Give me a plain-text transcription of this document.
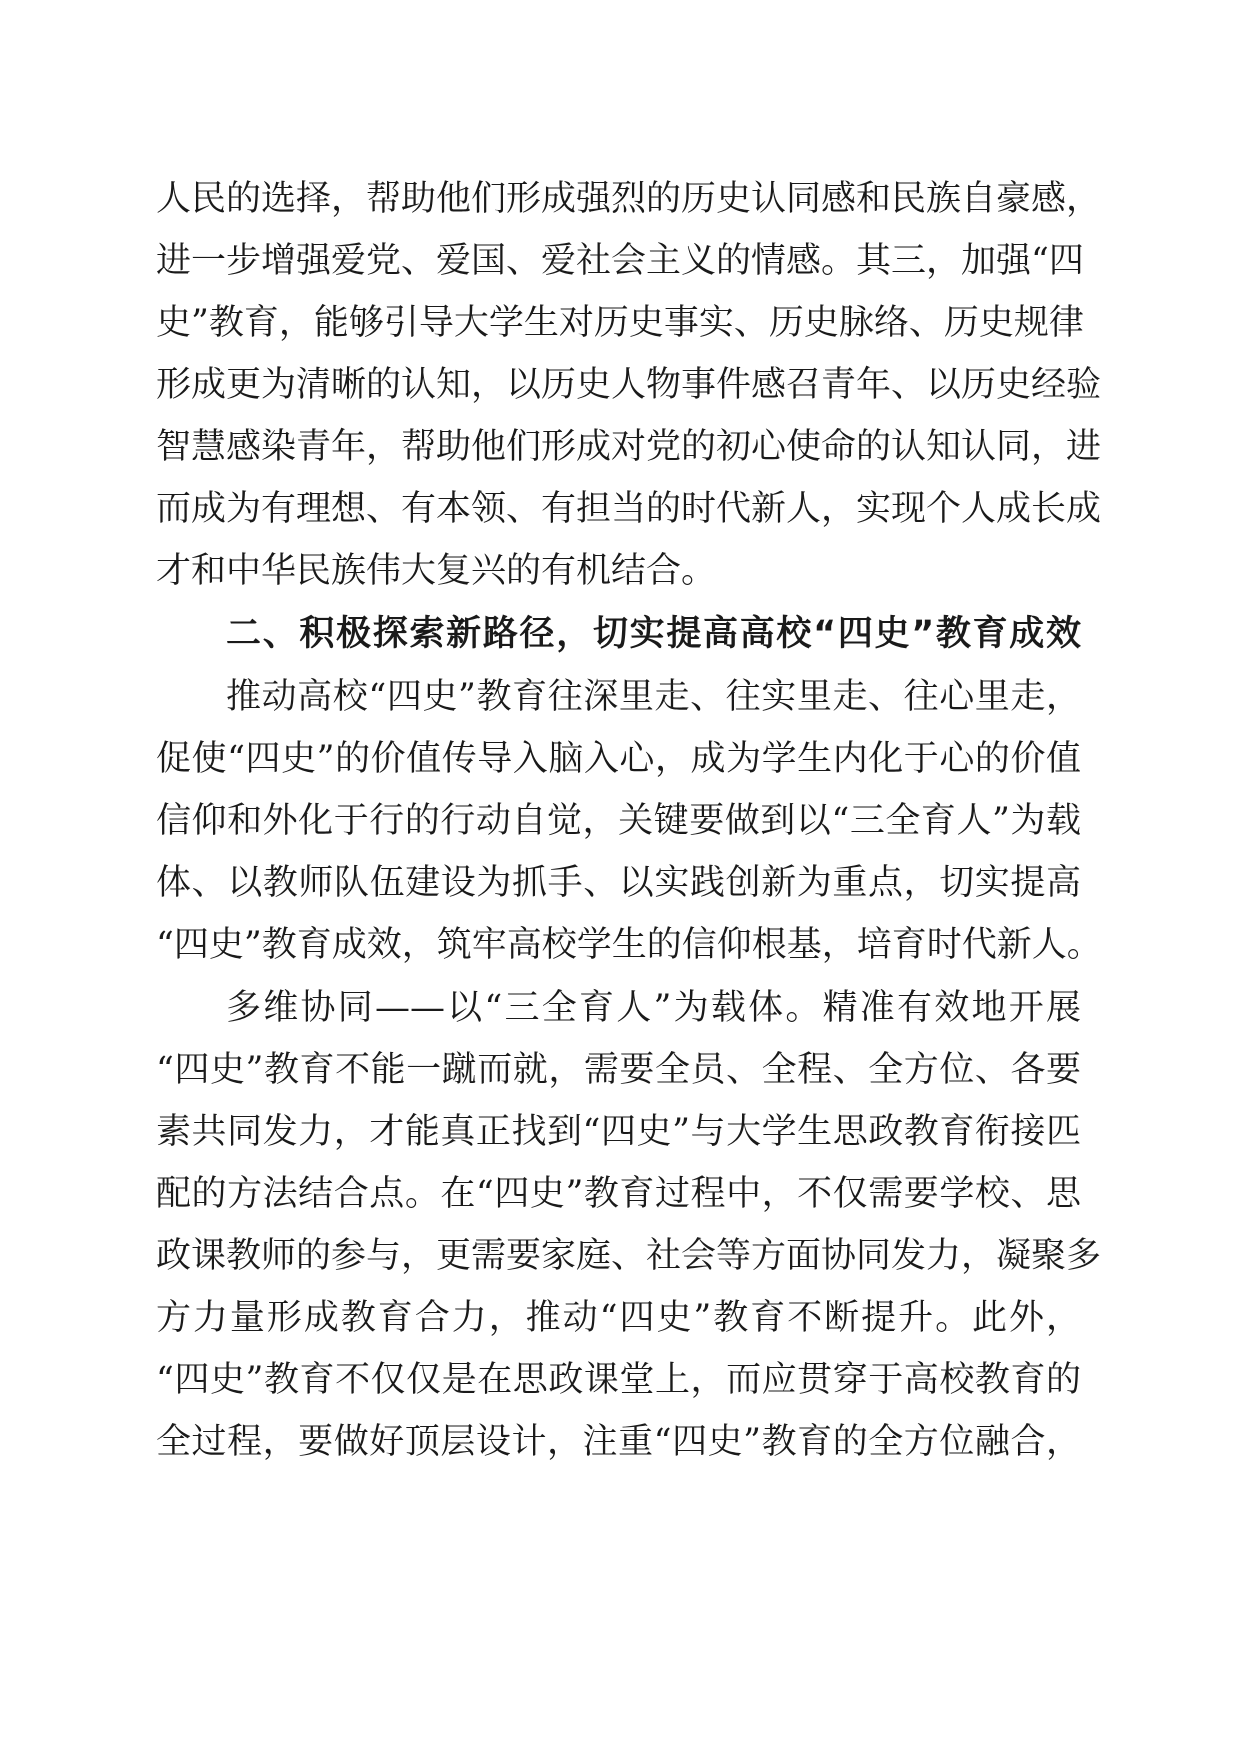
人民的选择，帮助他们形成强烈的历史认同感和民族自豪感，
进一步增强爱党、爱国、爱社会主义的情感。其三，加强“四
史”教育，能够引导大学生对历史事实、历史脉络、历史规律
形成更为清晰的认知，以历史人物事件感召青年、以历史经验
智慧感染青年，帮助他们形成对党的初心使命的认知认同，进
而成为有理想、有本领、有担当的时代新人，实现个人成长成
才和中华民族伟大复兴的有机结合。
二、积极探索新路径，切实提高高校“四史”教育成效
推动高校“四史”教育往深里走、往实里走、往心里走，
促使“四史”的价值传导入脑入心，成为学生内化于心的价值
信仰和外化于行的行动自觉，关键要做到以“三全育人”为载
体、以教师队伍建设为抓手、以实践创新为重点，切实提高
“四史”教育成效，筑牢高校学生的信仰根基，培育时代新人。
多维协同——以“三全育人”为载体。精准有效地开展
“四史”教育不能一蹴而就，需要全员、全程、全方位、各要
素共同发力，才能真正找到“四史”与大学生思政教育衔接匹
配的方法结合点。在“四史”教育过程中，不仅需要学校、思
政课教师的参与，更需要家庭、社会等方面协同发力，凝聚多
方力量形成教育合力，推动“四史”教育不断提升。此外，
“四史”教育不仅仅是在思政课堂上，而应贯穿于高校教育的
全过程，要做好顶层设计，注重“四史”教育的全方位融合，
